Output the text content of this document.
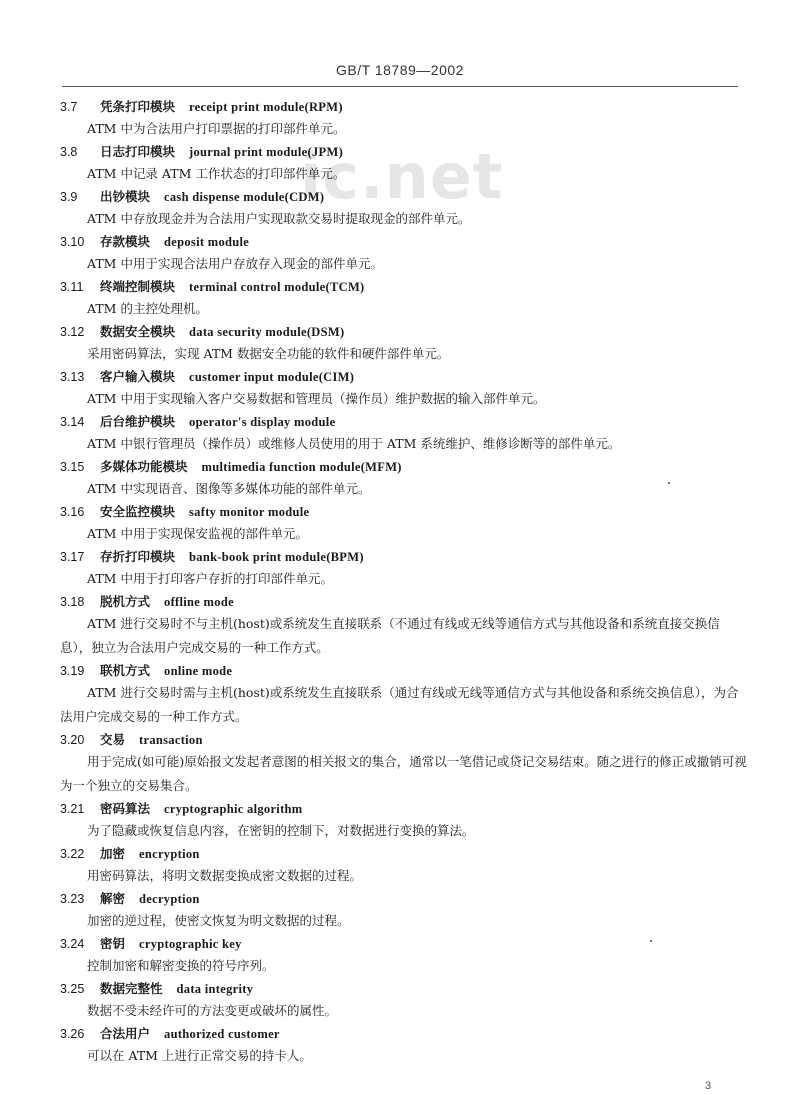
GB/T 18789—2002
ic.net
3.7 凭条打印模块 receipt print module(RPM)
ATM 中为合法用户打印票据的打印部件单元。
3.8 日志打印模块 journal print module(JPM)
ATM 中记录 ATM 工作状态的打印部件单元。
3.9 出钞模块 cash dispense module(CDM)
ATM 中存放现金并为合法用户实现取款交易时提取现金的部件单元。
3.10 存款模块 deposit module
ATM 中用于实现合法用户存放存入现金的部件单元。
3.11 终端控制模块 terminal control module(TCM)
ATM 的主控处理机。
3.12 数据安全模块 data security module(DSM)
采用密码算法，实现 ATM 数据安全功能的软件和硬件部件单元。
3.13 客户输入模块 customer input module(CIM)
ATM 中用于实现输入客户交易数据和管理员（操作员）维护数据的输入部件单元。
3.14 后台维护模块 operator's display module
ATM 中银行管理员（操作员）或维修人员使用的用于 ATM 系统维护、维修诊断等的部件单元。
3.15 多媒体功能模块 multimedia function module(MFM)
ATM 中实现语音、图像等多媒体功能的部件单元。
3.16 安全监控模块 safty monitor module
ATM 中用于实现保安监视的部件单元。
3.17 存折打印模块 bank-book print module(BPM)
ATM 中用于打印客户存折的打印部件单元。
3.18 脱机方式 offline mode
ATM 进行交易时不与主机(host)或系统发生直接联系（不通过有线或无线等通信方式与其他设备和系统直接交换信息），独立为合法用户完成交易的一种工作方式。
3.19 联机方式 online mode
ATM 进行交易时需与主机(host)或系统发生直接联系（通过有线或无线等通信方式与其他设备和系统交换信息），为合法用户完成交易的一种工作方式。
3.20 交易 transaction
用于完成(如可能)原始报文发起者意图的相关报文的集合，通常以一笔借记或贷记交易结束。随之进行的修正或撤销可视为一个独立的交易集合。
3.21 密码算法 cryptographic algorithm
为了隐藏或恢复信息内容，在密钥的控制下，对数据进行变换的算法。
3.22 加密 encryption
用密码算法，将明文数据变换成密文数据的过程。
3.23 解密 decryption
加密的逆过程，使密文恢复为明文数据的过程。
3.24 密钥 cryptographic key
控制加密和解密变换的符号序列。
3.25 数据完整性 data integrity
数据不受未经许可的方法变更或破坏的属性。
3.26 合法用户 authorized customer
可以在 ATM 上进行正常交易的持卡人。
3
